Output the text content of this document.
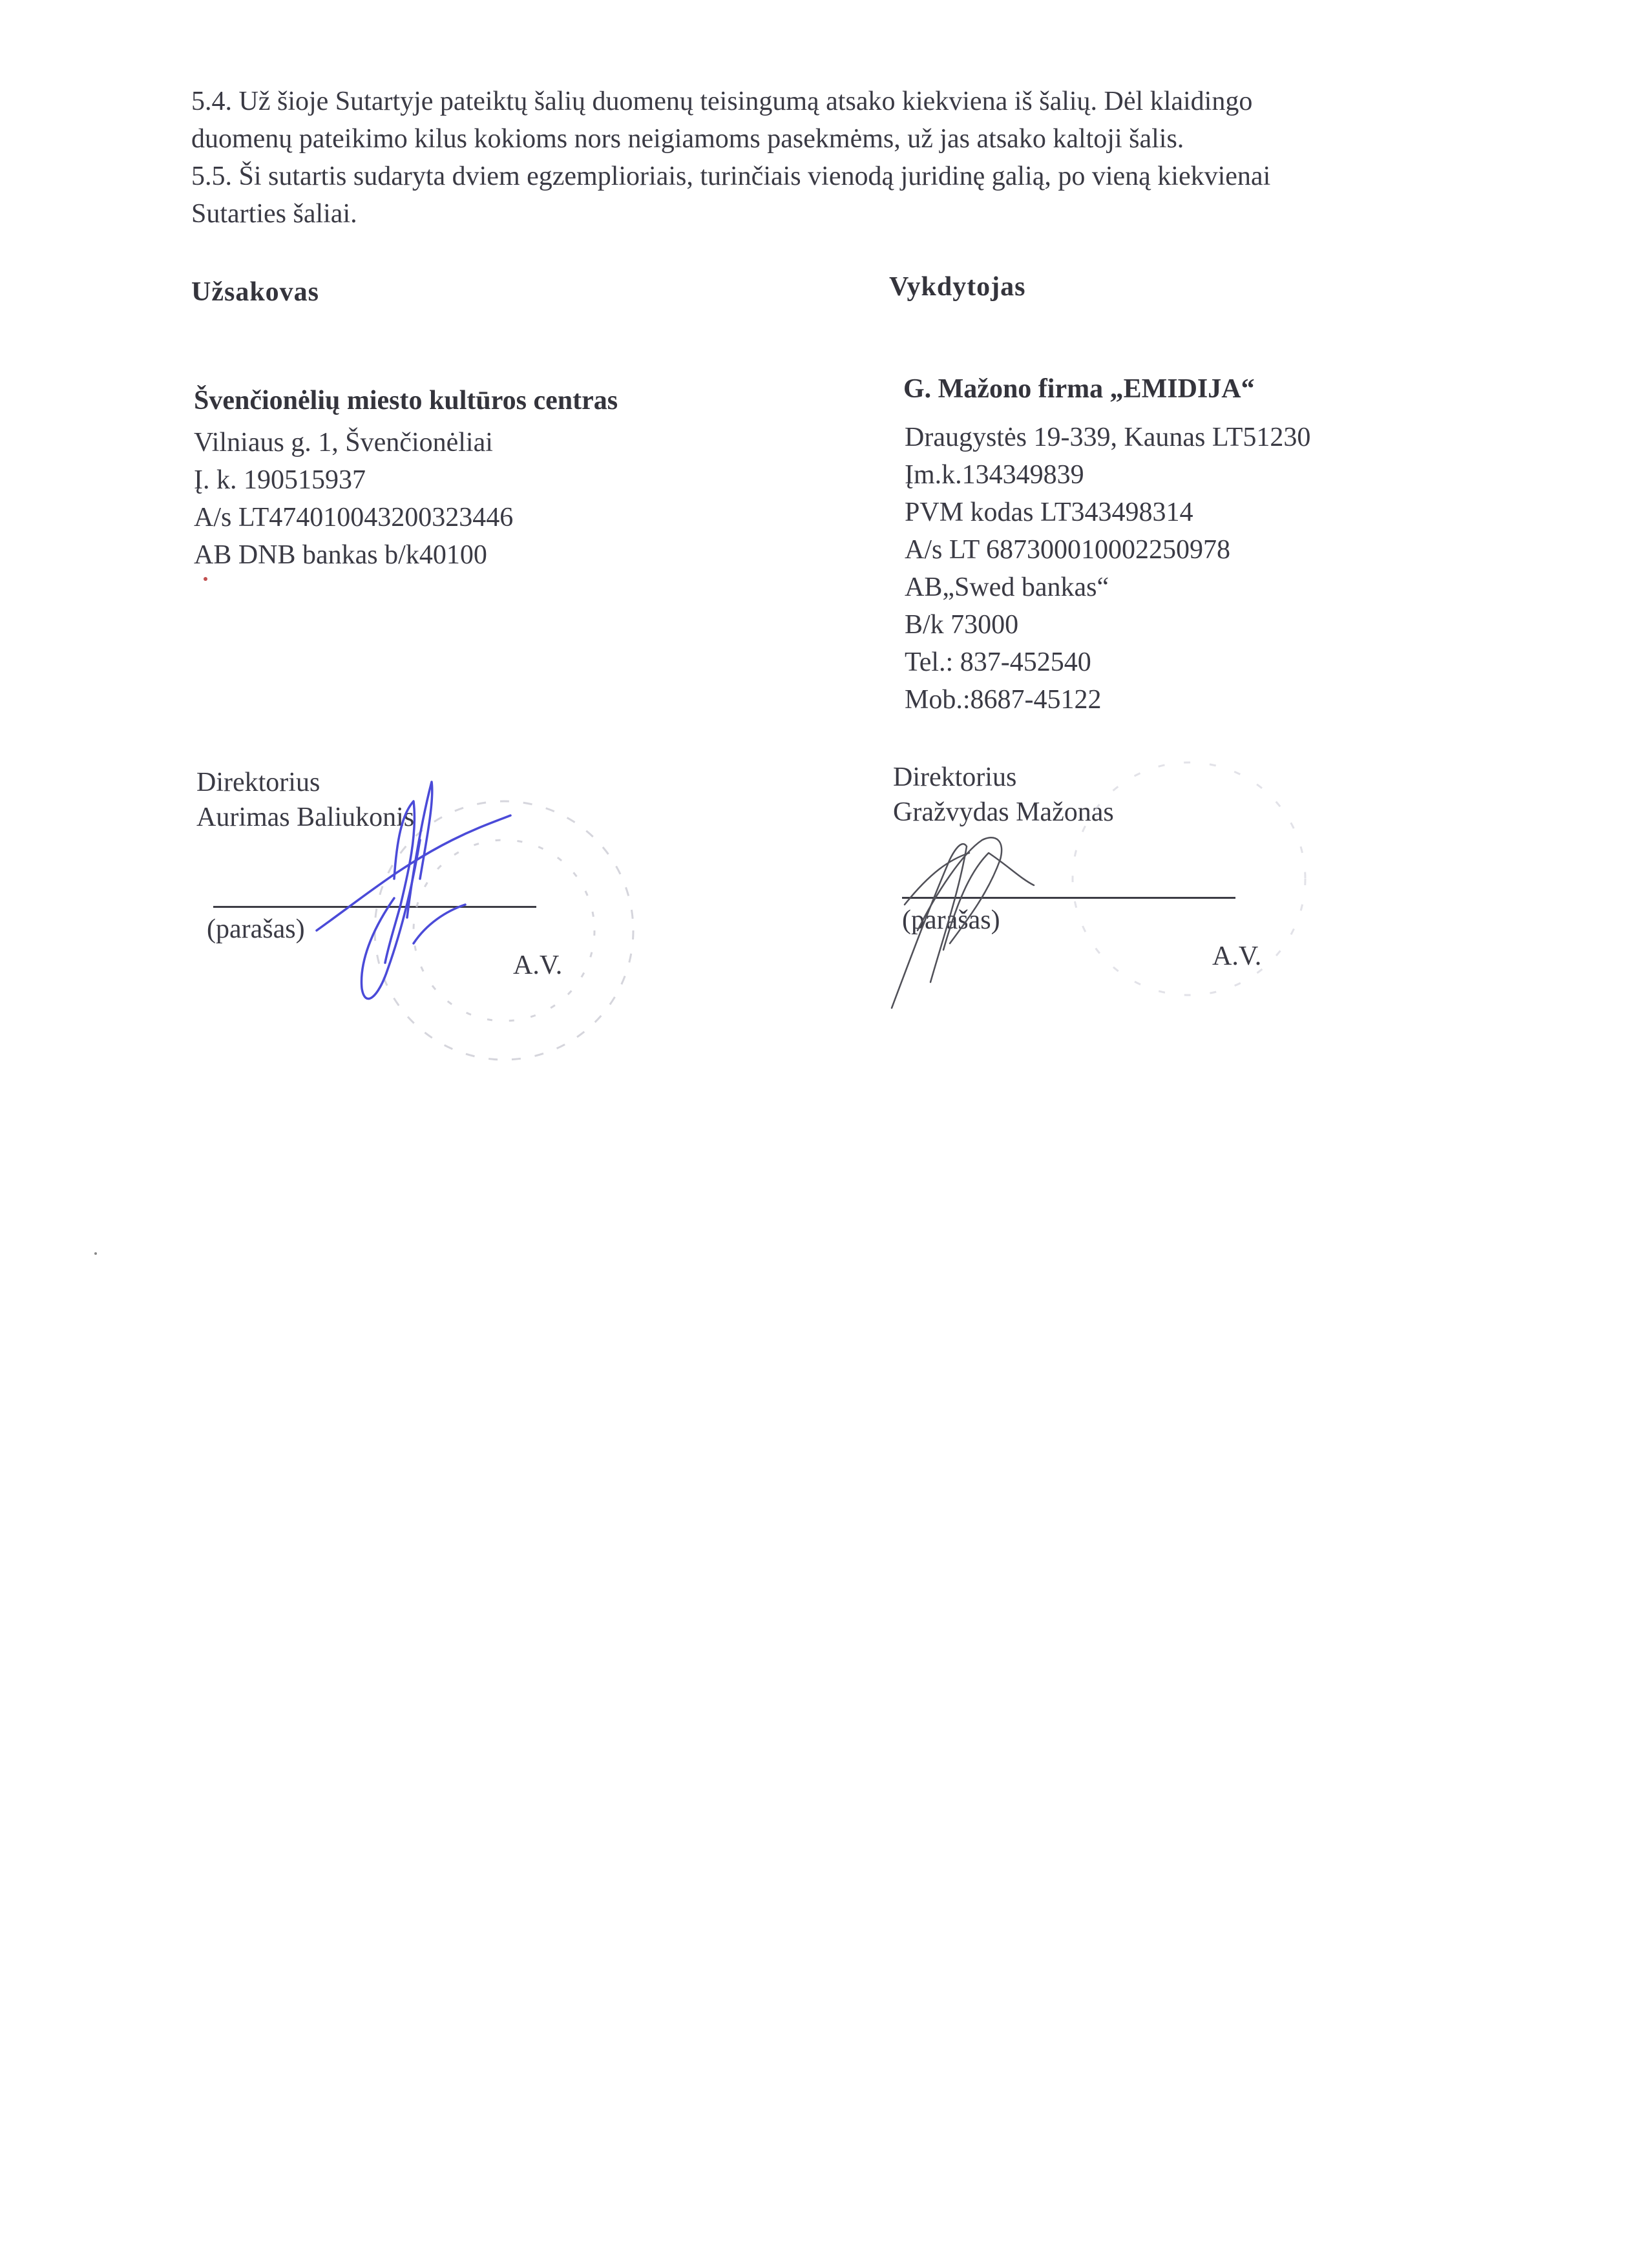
5.4. Už šioje Sutartyje pateiktų šalių duomenų teisingumą atsako kiekviena iš šalių. Dėl klaidingo

duomenų pateikimo kilus kokioms nors neigiamoms pasekmėms, už jas atsako kaltoji šalis.

5.5. Ši sutartis sudaryta dviem egzemplioriais, turinčiais vienodą juridinę galią, po vieną kiekvienai

Sutarties šaliai.

Užsakovas	Vykdytojas
Švenčionėlių miesto kultūros centras
Vilniaus g. 1, Švenčionėliai
Į. k. 190515937
A/s LT474010043200323446
AB DNB bankas b/k40100
G. Mažono firma „EMIDIJA“
Draugystės 19-339, Kaunas LT51230
Įm.k.134349839
PVM kodas LT343498314
A/s LT 687300010002250978
AB„Swed bankas“
B/k 73000
Tel.: 837-452540
Mob.:8687-45122
Direktorius
Aurimas Baliukonis
(parašas)
A.V.
Direktorius
Gražvydas Mažonas
(parašas)
A.V.
